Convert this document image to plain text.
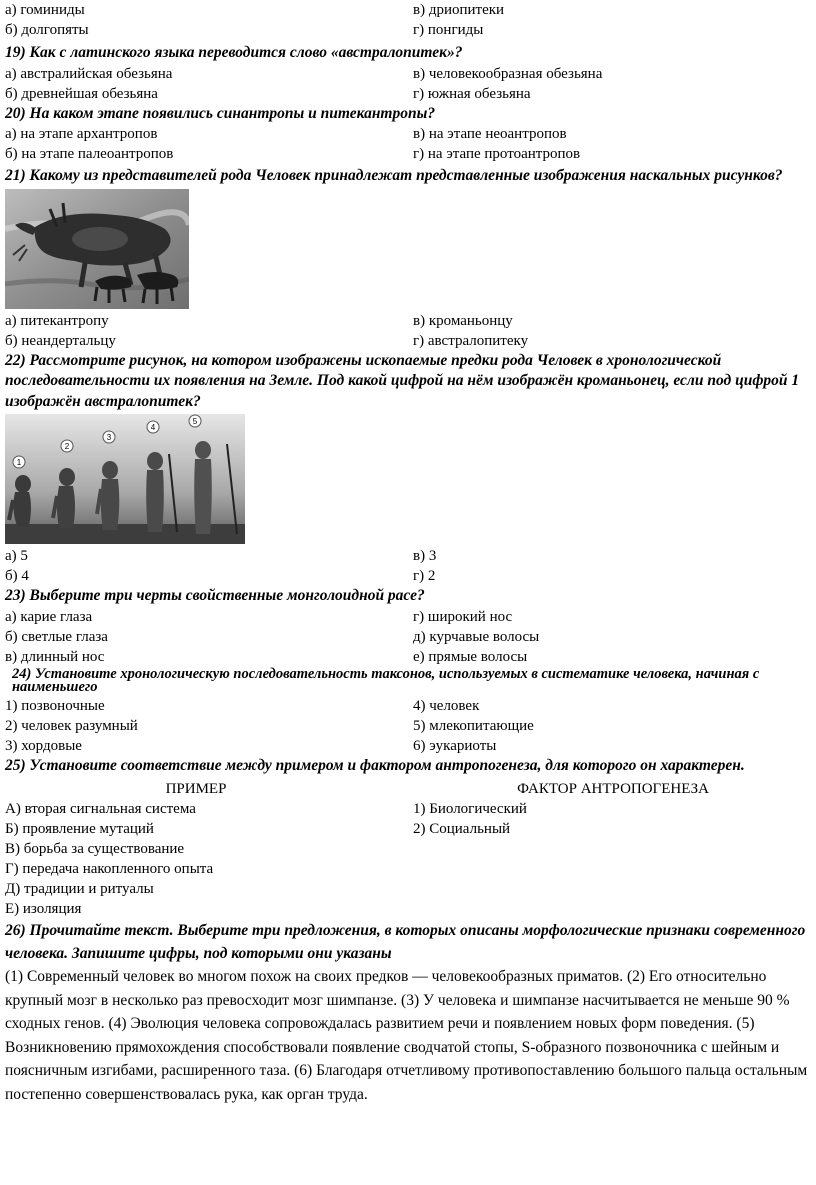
а) гоминиды	в) дриопитеки
б) долгопяты	г) понгиды
19) Как с латинского языка переводится слово «австралопитек»?
а) австралийская обезьяна	в) человекообразная обезьяна
б) древнейшая обезьяна	г) южная обезьяна
20) На каком этапе появились синантропы и питекантропы?
а) на этапе архантропов	в) на этапе неоантропов
б) на этапе палеоантропов	г) на этапе протоантропов
21) Какому из представителей рода Человек принадлежат представленные изображения наскальных рисунков?
а) питекантропу	в) кроманьонцу
б) неандертальцу	г) австралопитеку
22) Рассмотрите рисунок, на котором изображены ископаемые предки рода Человек в хронологической последовательности их появления на Земле. Под какой цифрой на нём изображён кроманьонец, если под цифрой 1 изображён австралопитек?
1
2
3
4
5
а) 5	в) 3
б) 4	г) 2
23) Выберите три черты свойственные монголоидной расе?
а) карие глаза	г) широкий нос
б) светлые глаза	д) курчавые волосы
в) длинный нос	е) прямые волосы
24) Установите хронологическую последовательность таксонов, используемых в систематике человека, начиная с наименьшего
1) позвоночные	4) человек
2) человек разумный	5) млекопитающие
3) хордовые	6) эукариоты
25) Установите соответствие между примером и фактором антропогенеза, для которого он характерен.
ПРИМЕР	ФАКТОР АНТРОПОГЕНЕЗА
А) вторая сигнальная система	1) Биологический
Б) проявление мутаций	2) Социальный
В) борьба за существование
Г) передача накопленного опыта
Д) традиции и ритуалы
Е) изоляция
26) Прочитайте текст. Выберите три предложения, в которых описаны морфологические признаки современного человека. Запишите цифры, под которыми они указаны
(1) Современный человек во многом похож на своих предков — человекообразных приматов. (2) Его относительно крупный мозг в несколько раз превосходит мозг шимпанзе. (3) У человека и шимпанзе насчитывается не меньше 90 % сходных генов. (4) Эволюция человека сопровождалась развитием речи и появлением новых форм поведения. (5) Возникновению прямохождения способствовали появление сводчатой стопы, S-образного позвоночника с шейным и поясничным изгибами, расширенного таза. (6) Благодаря отчетливому противопоставлению большого пальца остальным постепенно совершенствовалась рука, как орган труда.
